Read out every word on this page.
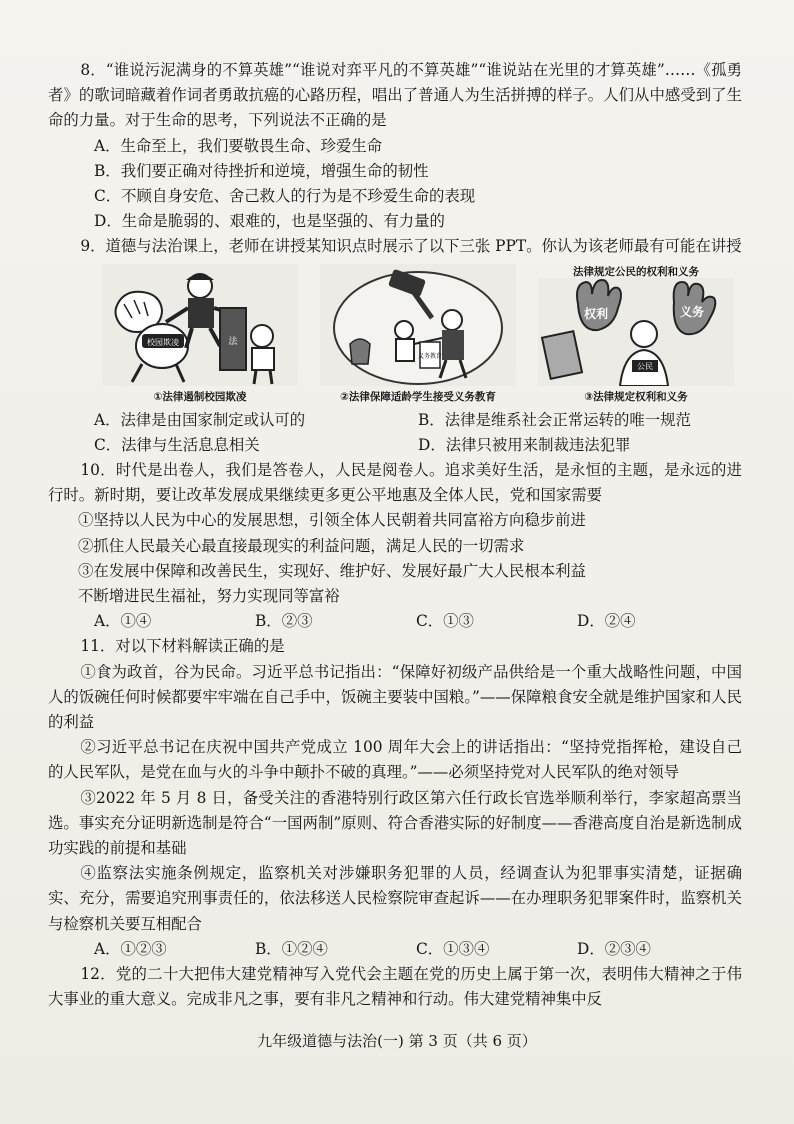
8．“谁说污泥满身的不算英雄”“谁说对弈平凡的不算英雄”“谁说站在光里的才算英雄”……《孤勇者》的歌词暗藏着作词者勇敢抗癌的心路历程，唱出了普通人为生活拼搏的样子。人们从中感受到了生命的力量。对于生命的思考，下列说法不正确的是

A．生命至上，我们要敬畏生命、珍爱生命

B．我们要正确对待挫折和逆境，增强生命的韧性

C．不顾自身安危、舍己救人的行为是不珍爱生命的表现

D．生命是脆弱的、艰难的，也是坚强的、有力量的

9．道德与法治课上，老师在讲授某知识点时展示了以下三张 PPT。你认为该老师最有可能在讲授

校园欺凌	法
①法律遏制校园欺凌
义务教育
②法律保障适龄学生接受义务教育
法律规定公民的权利和义务
权利	义务
公民
③法律规定权利和义务
A．法律是由国家制定或认可的	B．法律是维系社会正常运转的唯一规范
C．法律与生活息息相关	D．法律只被用来制裁违法犯罪

10．时代是出卷人，我们是答卷人，人民是阅卷人。追求美好生活，是永恒的主题，是永远的进行时。新时期，要让改革发展成果继续更多更公平地惠及全体人民，党和国家需要

①坚持以人民为中心的发展思想，引领全体人民朝着共同富裕方向稳步前进

②抓住人民最关心最直接最现实的利益问题，满足人民的一切需求

③在发展中保障和改善民生，实现好、维护好、发展好最广大人民根本利益

不断增进民生福祉，努力实现同等富裕

A．①④	B．②③	C．①③	D．②④

11．对以下材料解读正确的是

①食为政首，谷为民命。习近平总书记指出：“保障好初级产品供给是一个重大战略性问题，中国人的饭碗任何时候都要牢牢端在自己手中，饭碗主要装中国粮。”——保障粮食安全就是维护国家和人民的利益

②习近平总书记在庆祝中国共产党成立 100 周年大会上的讲话指出：“坚持党指挥枪，建设自己的人民军队，是党在血与火的斗争中颠扑不破的真理。”——必须坚持党对人民军队的绝对领导

③2022 年 5 月 8 日，备受关注的香港特别行政区第六任行政长官选举顺利举行，李家超高票当选。事实充分证明新选制是符合“一国两制”原则、符合香港实际的好制度——香港高度自治是新选制成功实践的前提和基础

④监察法实施条例规定，监察机关对涉嫌职务犯罪的人员，经调查认为犯罪事实清楚，证据确实、充分，需要追究刑事责任的，依法移送人民检察院审查起诉——在办理职务犯罪案件时，监察机关与检察机关要互相配合

A．①②③	B．①②④	C．①③④	D．②③④

12．党的二十大把伟大建党精神写入党代会主题在党的历史上属于第一次，表明伟大精神之于伟大事业的重大意义。完成非凡之事，要有非凡之精神和行动。伟大建党精神集中反

九年级道德与法治(一) 第 3 页（共 6 页）
